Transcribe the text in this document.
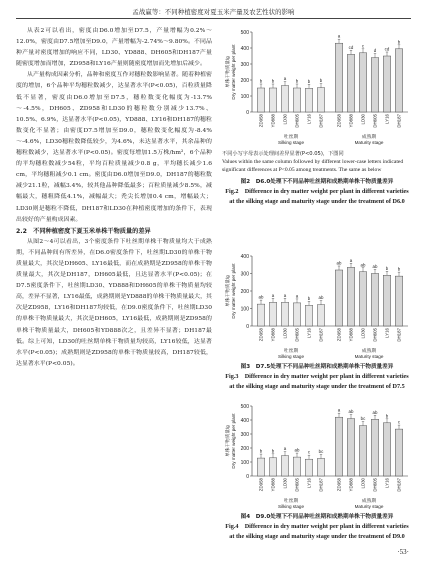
孟战赢等：不同种植密度对夏玉米产量及农艺性状的影响

从表2可以看出，密度由D6.0增加至D7.5，产量增幅为0.2%～12.0%，密度由D7.5增加至D9.0，产量增幅为-2.74%～9.80%。不同品种产量对密度增加的响应不同，LD30、YD888、DH605和DH187产量随密度增加而增加，ZD958和LY16产量则随密度增加而先增加后减少。

从产量构成因素分析，品种和密度互作对穗粒数影响显著。随着种植密度的增加，6个品种平均穗粒数减少，达显著水平(P<0.05)，百粒质量降低不显著，密度由D6.0增加至D7.5，穗粒数变化幅度为-13.7%～-4.5%，DH605、ZD958和LD30的穗粒数分别减少13.7%、10.5%、6.9%，达显著水平(P<0.05)，YD888、LY16和DH187的穗粒数变化不显著；由密度D7.5增加至D9.0，穗粒数变化幅度为-8.4%～-4.6%，LD30穗粒数降低较少，为4.6%，未达显著水平，其余品种的穗粒数减少，达显著水平(P<0.05)。密度每增加1.5万株/hm²，6个品种的平均穗粒数减少54粒，平均百粒质量减少0.8 g，平均穗长减少1.6 cm，平均穗粗减少0.1 cm。密度由D6.0增加至D9.0，DH187的穗粒数减少21.1粒，减幅3.4%，较其他品种降低最多；百粒质量减少8.5%，减幅最大，穗粗降低4.1%，减幅最大；秃尖长增加0.4 cm，增幅最大；LD30则是穗粒不降低，DH187和LD30在种植密度增加的条件下，表现出较好的产量构成因素。

2.2　不同种植密度下夏玉米单株干物质量的差异

从图2～4可以看出，3个密度条件下吐丝期单株干物质量均大于成熟期，不同品种间有所差异，在D6.0密度条件下，吐丝期LD30的单株干物质量最大，其次是DH605、LY16最低，而在成熟期是ZD958的单株干物质量最大，其次是DH187，DH605最低，且达显著水平(P<0.05)；在D7.5密度条件下，吐丝期LD30、YD888和DH605的单株干物质量均较高，差异不显著，LY16最低，成熟期则是YD888的单株干物质量最大，其次是ZD958，LY16和DH187均较低，在D9.0密度条件下，吐丝期LD30的单株干物质量最大，其次是DH605，LY16最低，成熟期则是ZD958的单株干物质量最大，DH605和YD888次之，且差异不显著；DH187最低。综上可知，LD30的吐丝期单株干物质量均较高，LY16较低，达显著水平(P<0.05)；成熟期则是ZD958的单株干物质量较高，DH187较低，达显著水平(P<0.05)。

0
100
200
300
400
500
单株干物质量/g Dry matter weight per plant	b
ZD958
b
YD888
a
LD30
b
DH605
b
LY16
b
DH187
吐丝期
Silking stage
a
ZD958
cd
YD888
c
LD30
d
DH605
cd
LY16
b
DH187
成熟期
Maturity stage
不同小写字母表示处理间差异显著(P<0.05)，下图同
Values within the same column followed by different lower-case letters indicated significant differences at P<0.05 among treatments. The same as below
图2　D6.0处理下不同品种吐丝期和成熟期单株干物质量差异
Fig.2　Difference in dry matter weight per plant in different varieties at the silking stage and maturity stage under the treatment of D6.0
0
100
200
300
400
单株干物质量/g Dry matter weight per plant	ab
ZD958
a
YD888
a
LD30
a
DH605
b
LY16
ab
DH187
吐丝期
Silking stage
ab
ZD958
a
YD888
ab
LD30
ab
DH605
b
LY16
b
DH187
成熟期
Maturity stage
图3　D7.5处理下不同品种吐丝期和成熟期单株干物质量差异
Fig.3　Difference in dry matter weight per plant in different varieties at the silking stage and maturity stage under the treatment of D7.5
0
100
200
300
400
500
单株干物质量/g Dry matter weight per plant	b
ZD958
b
YD888
a
LD30
ab
DH605
c
LY16
bc
DH187
吐丝期
Silking stage
a
ZD958
ab
YD888
bc
LD30
ab
DH605
b
LY16
c
DH187
成熟期
Maturity stage
图4　D9.0处理下不同品种吐丝期和成熟期单株干物质量差异
Fig.4　Difference in dry matter weight per plant in different varieties at the silking stage and maturity stage under the treatment of D9.0
·53·
